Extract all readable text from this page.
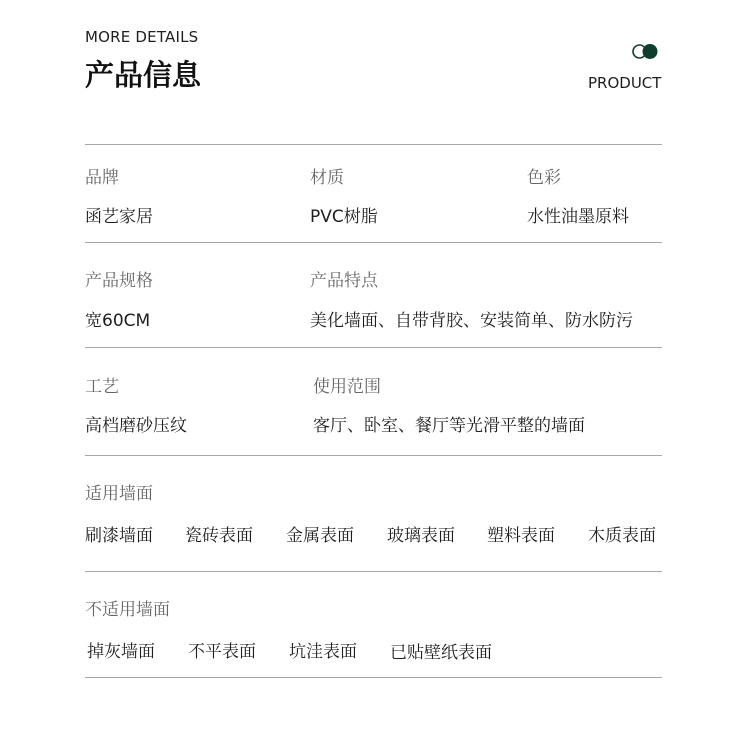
MORE DETAILS
产品信息	PRODUCT
品牌
函艺家居
材质
PVC树脂
色彩
水性油墨原料
产品规格
宽60CM
产品特点
美化墙面、自带背胶、安装简单、防水防污
工艺
高档磨砂压纹
使用范围
客厅、卧室、餐厅等光滑平整的墙面
适用墙面
刷漆墙面 瓷砖表面 金属表面 玻璃表面 塑料表面 木质表面
不适用墙面
掉灰墙面 不平表面 坑洼表面 已贴壁纸表面
